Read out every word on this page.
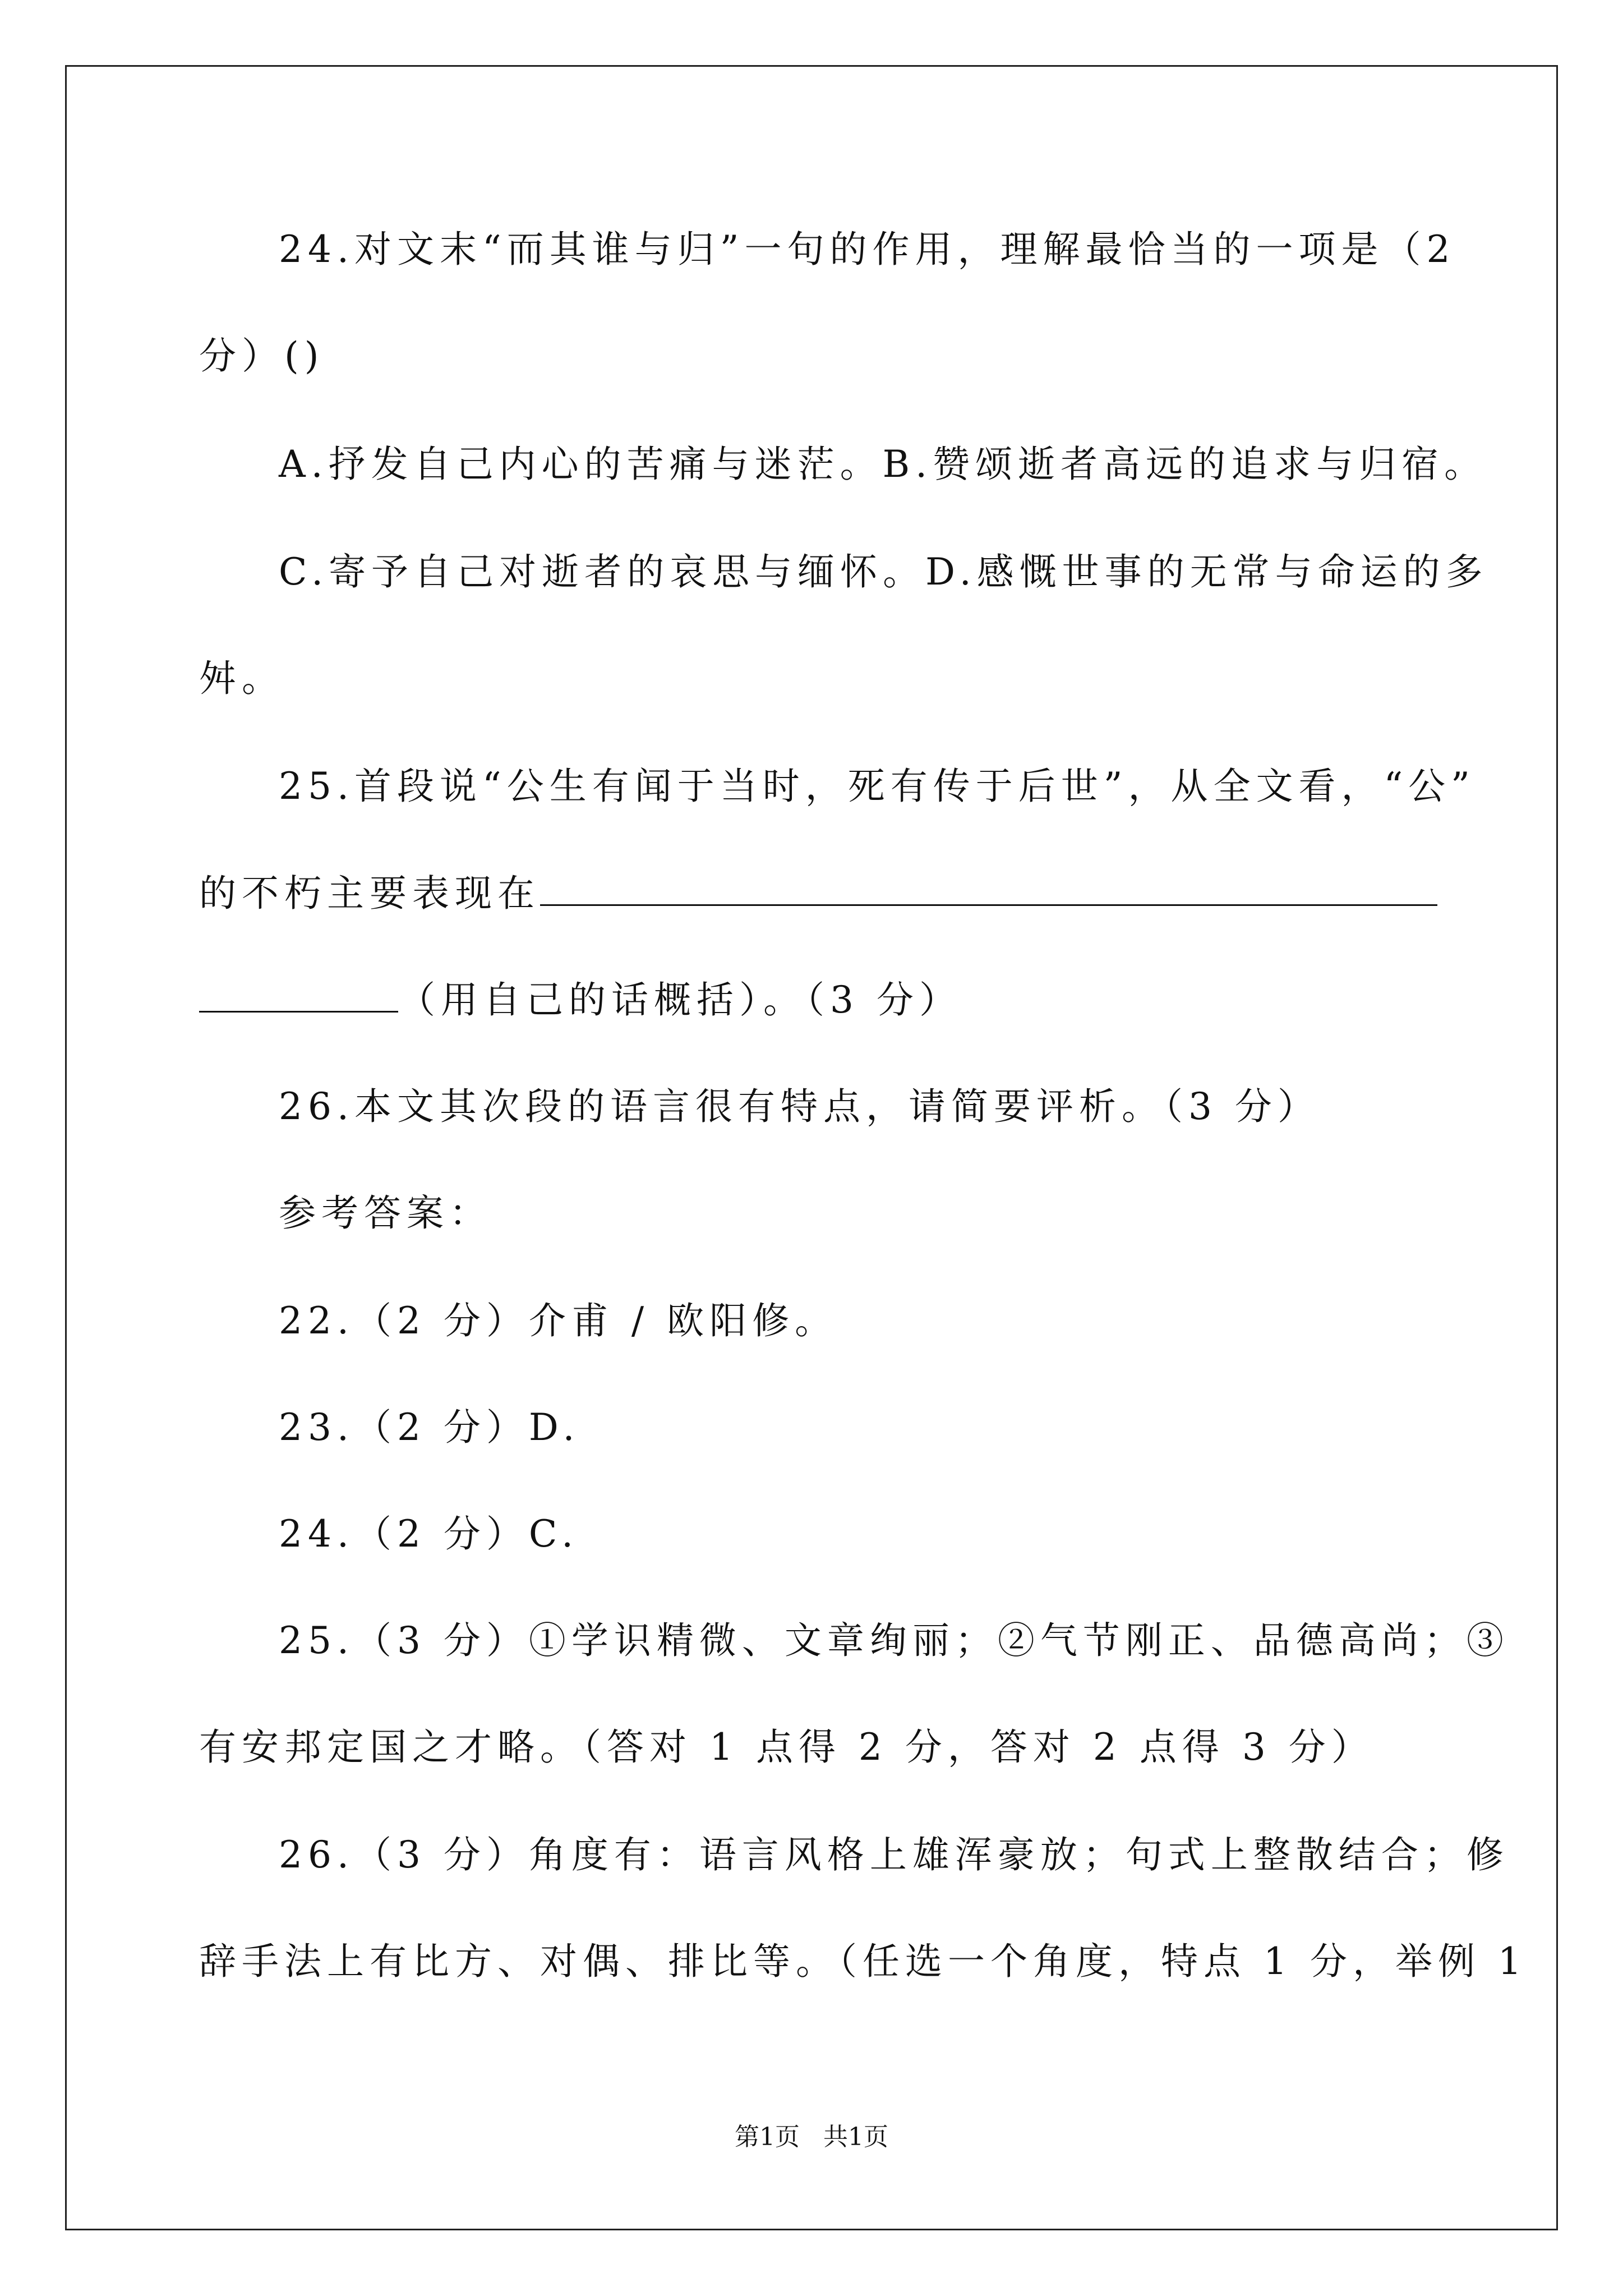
24.对文末“而其谁与归”一句的作用，理解最恰当的一项是（2
分）()
A.抒发自己内心的苦痛与迷茫。B.赞颂逝者高远的追求与归宿。
C.寄予自己对逝者的哀思与缅怀。D.感慨世事的无常与命运的多
舛。
25.首段说“公生有闻于当时，死有传于后世”，从全文看，“公”
的不朽主要表现在
（用自己的话概括）。（3 分）
26.本文其次段的语言很有特点，请简要评析。（3 分）
参考答案：
22.（2 分）介甫 / 欧阳修。
23.（2 分）D.
24.（2 分）C.
25.（3 分）①学识精微、文章绚丽；②气节刚正、品德高尚；③
有安邦定国之才略。（答对 1 点得 2 分，答对 2 点得 3 分）
26.（3 分）角度有：语言风格上雄浑豪放；句式上整散结合；修
辞手法上有比方、对偶、排比等。（任选一个角度，特点 1 分，举例 1
第1页 共1页
